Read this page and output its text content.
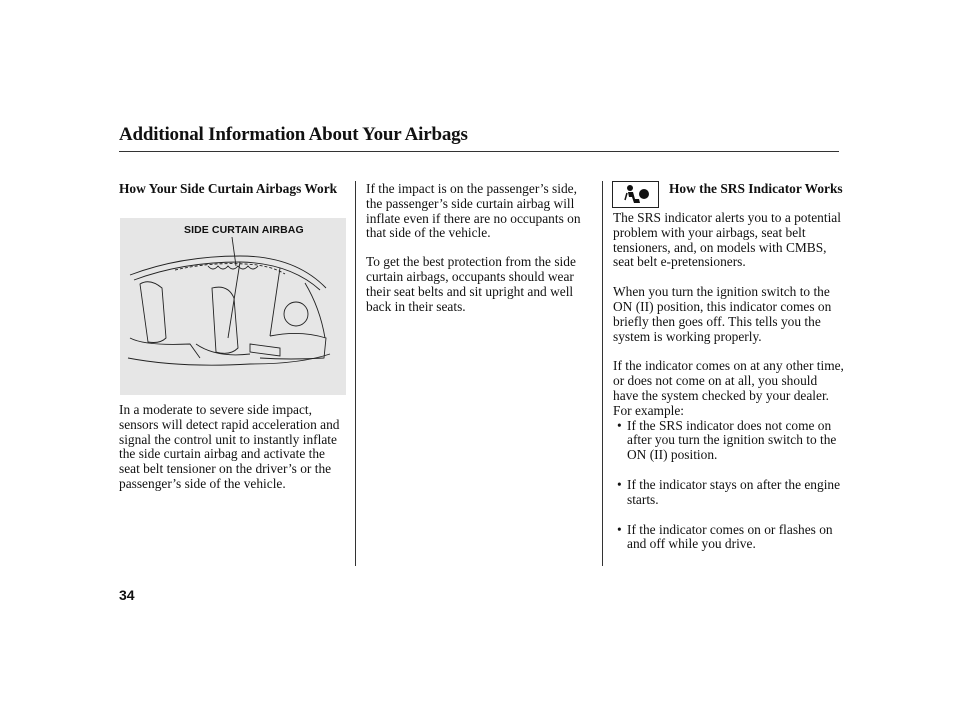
Additional Information About Your Airbags

How Your Side Curtain Airbags Work

SIDE CURTAIN AIRBAG

In a moderate to severe side impact, sensors will detect rapid acceleration and signal the control unit to instantly inflate the side curtain airbag and activate the seat belt tensioner on the driver’s or the passenger’s side of the vehicle.

If the impact is on the passenger’s side, the passenger’s side curtain airbag will inflate even if there are no occupants on that side of the vehicle.

To get the best protection from the side curtain airbags, occupants should wear their seat belts and sit upright and well back in their seats.

How the SRS Indicator Works

The SRS indicator alerts you to a potential problem with your airbags, seat belt tensioners, and, on models with CMBS, seat belt e-pretensioners.

When you turn the ignition switch to the ON (II) position, this indicator comes on briefly then goes off. This tells you the system is working properly.

If the indicator comes on at any other time, or does not come on at all, you should have the system checked by your dealer. For example:

• If the SRS indicator does not come on after you turn the ignition switch to the ON (II) position.
• If the indicator stays on after the engine starts.
• If the indicator comes on or flashes on and off while you drive.
34
